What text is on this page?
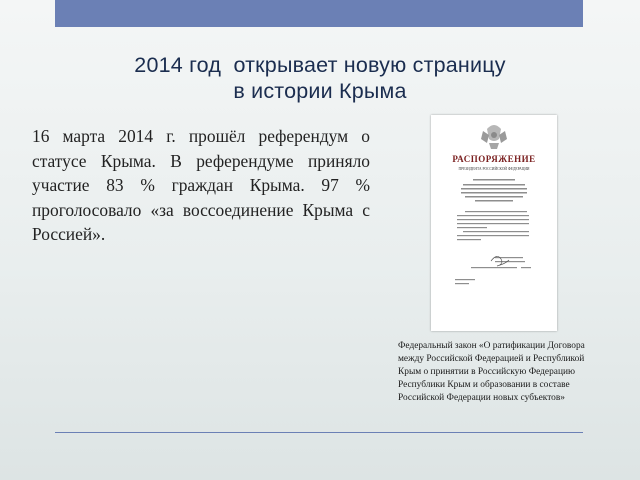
2014 год  открывает новую страницу
в истории Крыма
16 марта 2014 г. прошёл референдум о статусе Крыма. В референдуме приняло участие 83 % граждан Крыма. 97 % проголосовало «за воссоединение Крыма с Россией».
РАСПОРЯЖЕНИЕ
ПРЕЗИДЕНТА РОССИЙСКОЙ ФЕДЕРАЦИИ
Федеральный закон «О ратификации Договора между Российской Федерацией и Республикой Крым о принятии в Российскую Федерацию Республики Крым и образовании в составе Российской Федерации новых субъектов»
